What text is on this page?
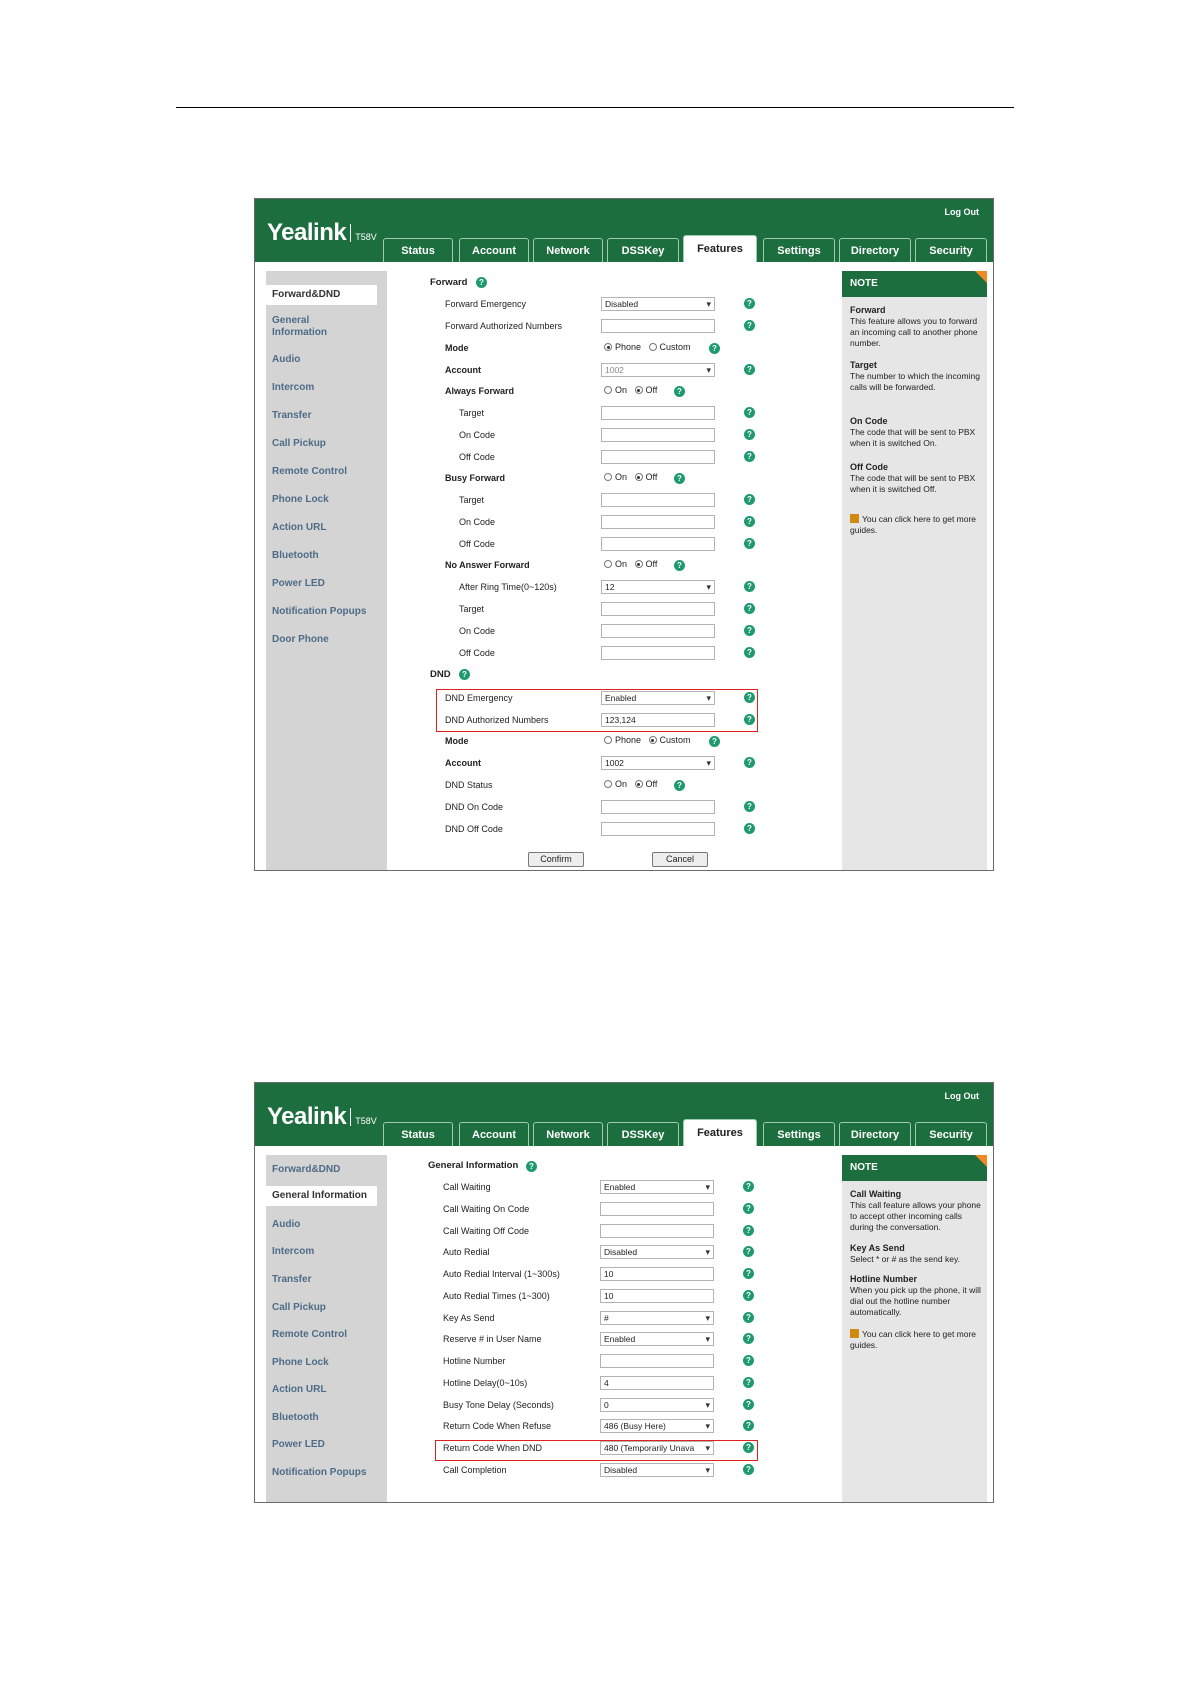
Log Out
Yealink T58V
Status	Account	Network	DSSKey	Features	Settings	Directory	Security
Forward&DND
General
Information
Audio
Intercom
Transfer
Call Pickup
Remote Control
Phone Lock
Action URL
Bluetooth
Power LED
Notification Popups
Door Phone
Forward	?
Forward Emergency	Disabled ▾	?
Forward Authorized Numbers	?
Mode	Phone Custom	?
Account	1002 ▾	?
Always Forward	On Off	?
Target	?
On Code	?
Off Code	?
Busy Forward	On Off	?
Target	?
On Code	?
Off Code	?
No Answer Forward	On Off	?
After Ring Time(0~120s)	12 ▾	?
Target	?
On Code	?
Off Code	?
DND	?
DND Emergency	Enabled ▾	?
DND Authorized Numbers	123,124	?
Mode	Phone Custom	?
Account	1002 ▾	?
DND Status	On Off	?
DND On Code	?
DND Off Code	?
Confirm	Cancel
NOTE
Forward
This feature allows you to forward an incoming call to another phone number.
Target
The number to which the incoming calls will be forwarded.
On Code
The code that will be sent to PBX when it is switched On.
Off Code
The code that will be sent to PBX when it is switched Off.
You can click here to get more guides.
Log Out
Yealink T58V
Status	Account	Network	DSSKey	Features	Settings	Directory	Security
Forward&DND
General Information
Audio
Intercom
Transfer
Call Pickup
Remote Control
Phone Lock
Action URL
Bluetooth
Power LED
Notification Popups
General Information	?
Call Waiting	Enabled ▾	?
Call Waiting On Code	?
Call Waiting Off Code	?
Auto Redial	Disabled ▾	?
Auto Redial Interval (1~300s)	10	?
Auto Redial Times (1~300)	10	?
Key As Send	# ▾	?
Reserve # in User Name	Enabled ▾	?
Hotline Number	?
Hotline Delay(0~10s)	4	?
Busy Tone Delay (Seconds)	0 ▾	?
Return Code When Refuse	486 (Busy Here) ▾	?
Return Code When DND	480 (Temporarily Unava ▾	?
Call Completion	Disabled ▾	?
NOTE
Call Waiting
This call feature allows your phone to accept other incoming calls during the conversation.
Key As Send
Select * or # as the send key.
Hotline Number
When you pick up the phone, it will dial out the hotline number automatically.
You can click here to get more guides.
